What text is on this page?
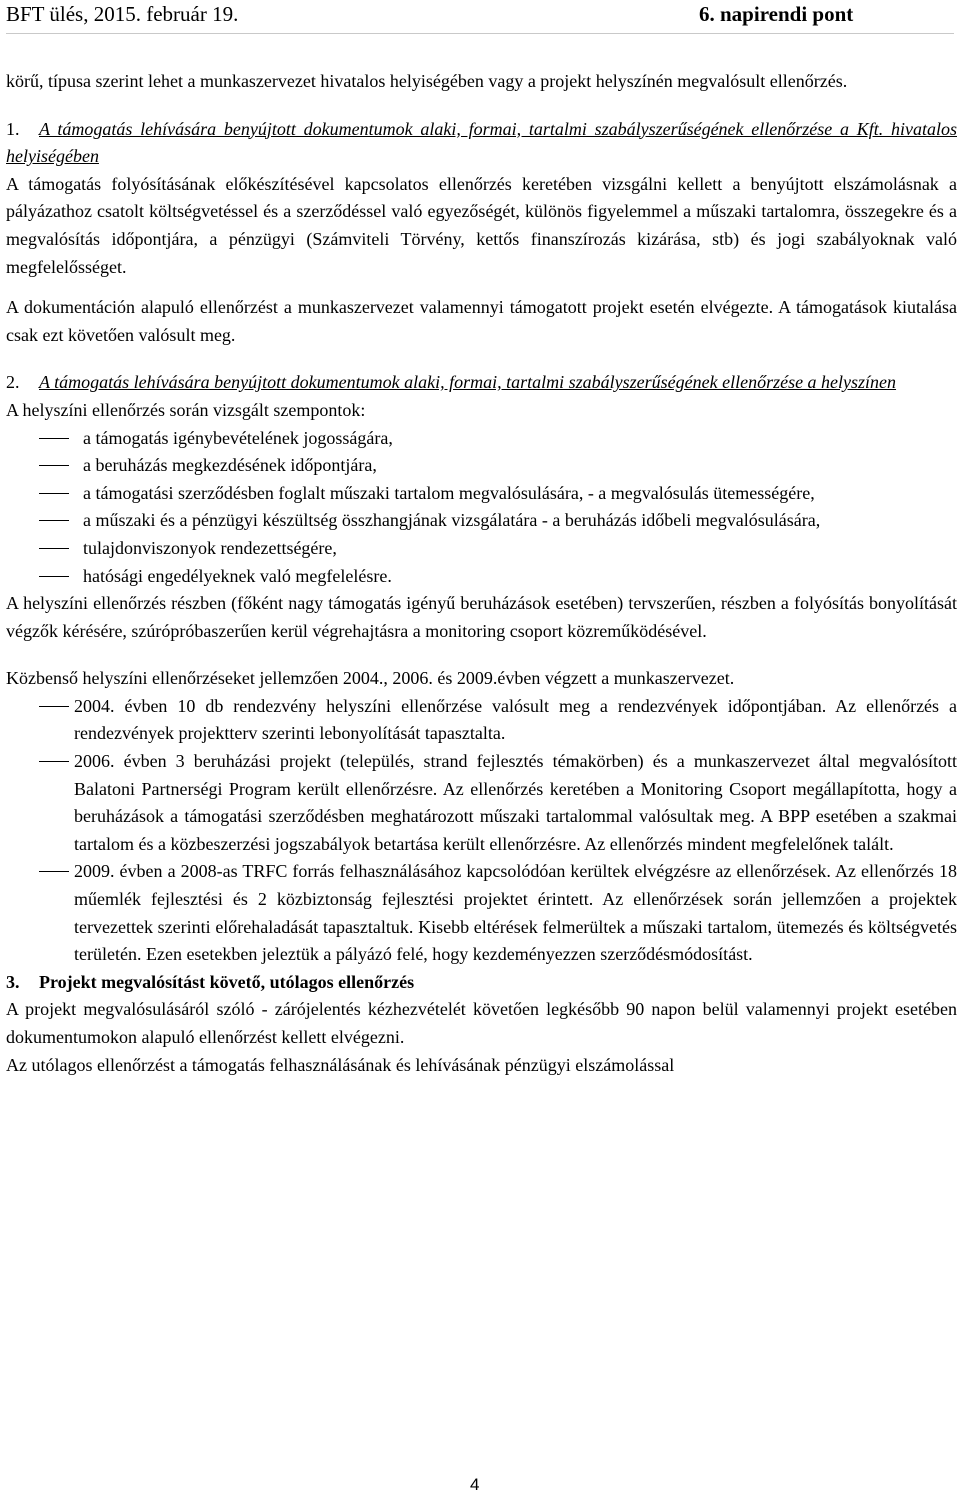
BFT ülés, 2015. február 19.	6. napirendi pont

körű, típusa szerint lehet a munkaszervezet hivatalos helyiségében vagy a projekt helyszínén megvalósult ellenőrzés.

1. A támogatás lehívására benyújtott dokumentumok alaki, formai, tartalmi szabályszerűségének ellenőrzése a Kft. hivatalos helyiségében

A támogatás folyósításának előkészítésével kapcsolatos ellenőrzés keretében vizsgálni kellett a benyújtott elszámolásnak a pályázathoz csatolt költségvetéssel és a szerződéssel való egyezőségét, különös figyelemmel a műszaki tartalomra, összegekre és a megvalósítás időpontjára, a pénzügyi (Számviteli Törvény, kettős finanszírozás kizárása, stb) és jogi szabályoknak való megfelelősséget.

A dokumentáción alapuló ellenőrzést a munkaszervezet valamennyi támogatott projekt esetén elvégezte. A támogatások kiutalása csak ezt követően valósult meg.

2. A támogatás lehívására benyújtott dokumentumok alaki, formai, tartalmi szabályszerűségének ellenőrzése a helyszínen

A helyszíni ellenőrzés során vizsgált szempontok:

a támogatás igénybevételének jogosságára,
a beruházás megkezdésének időpontjára,
a támogatási szerződésben foglalt műszaki tartalom megvalósulására, - a megvalósulás ütemességére,
a műszaki és a pénzügyi készültség összhangjának vizsgálatára - a beruházás időbeli megvalósulására,
tulajdonviszonyok rendezettségére,
hatósági engedélyeknek való megfelelésre.

A helyszíni ellenőrzés részben (főként nagy támogatás igényű beruházások esetében) tervszerűen, részben a folyósítás bonyolítását végzők kérésére, szúrópróbaszerűen kerül végrehajtásra a monitoring csoport közreműködésével.

Közbenső helyszíni ellenőrzéseket jellemzően 2004., 2006. és 2009.évben végzett a munkaszervezet.

2004. évben 10 db rendezvény helyszíni ellenőrzése valósult meg a rendezvények időpontjában. Az ellenőrzés a rendezvények projektterv szerinti lebonyolítását tapasztalta.
2006. évben 3 beruházási projekt (település, strand fejlesztés témakörben) és a munkaszervezet által megvalósított Balatoni Partnerségi Program került ellenőrzésre. Az ellenőrzés keretében a Monitoring Csoport megállapította, hogy a beruházások a támogatási szerződésben meghatározott műszaki tartalommal valósultak meg. A BPP esetében a szakmai tartalom és a közbeszerzési jogszabályok betartása került ellenőrzésre. Az ellenőrzés mindent megfelelőnek talált.
2009. évben a 2008-as TRFC forrás felhasználásához kapcsolódóan kerültek elvégzésre az ellenőrzések. Az ellenőrzés 18 műemlék fejlesztési és 2 közbiztonság fejlesztési projektet érintett. Az ellenőrzések során jellemzően a projektek tervezettek szerinti előrehaladását tapasztaltuk. Kisebb eltérések felmerültek a műszaki tartalom, ütemezés és költségvetés területén. Ezen esetekben jeleztük a pályázó felé, hogy kezdeményezzen szerződésmódosítást.

3. Projekt megvalósítást követő, utólagos ellenőrzés

A projekt megvalósulásáról szóló - zárójelentés kézhezvételét követően legkésőbb 90 napon belül valamennyi projekt esetében dokumentumokon alapuló ellenőrzést kellett elvégezni.

Az utólagos ellenőrzést a támogatás felhasználásának és lehívásának pénzügyi elszámolással

4
